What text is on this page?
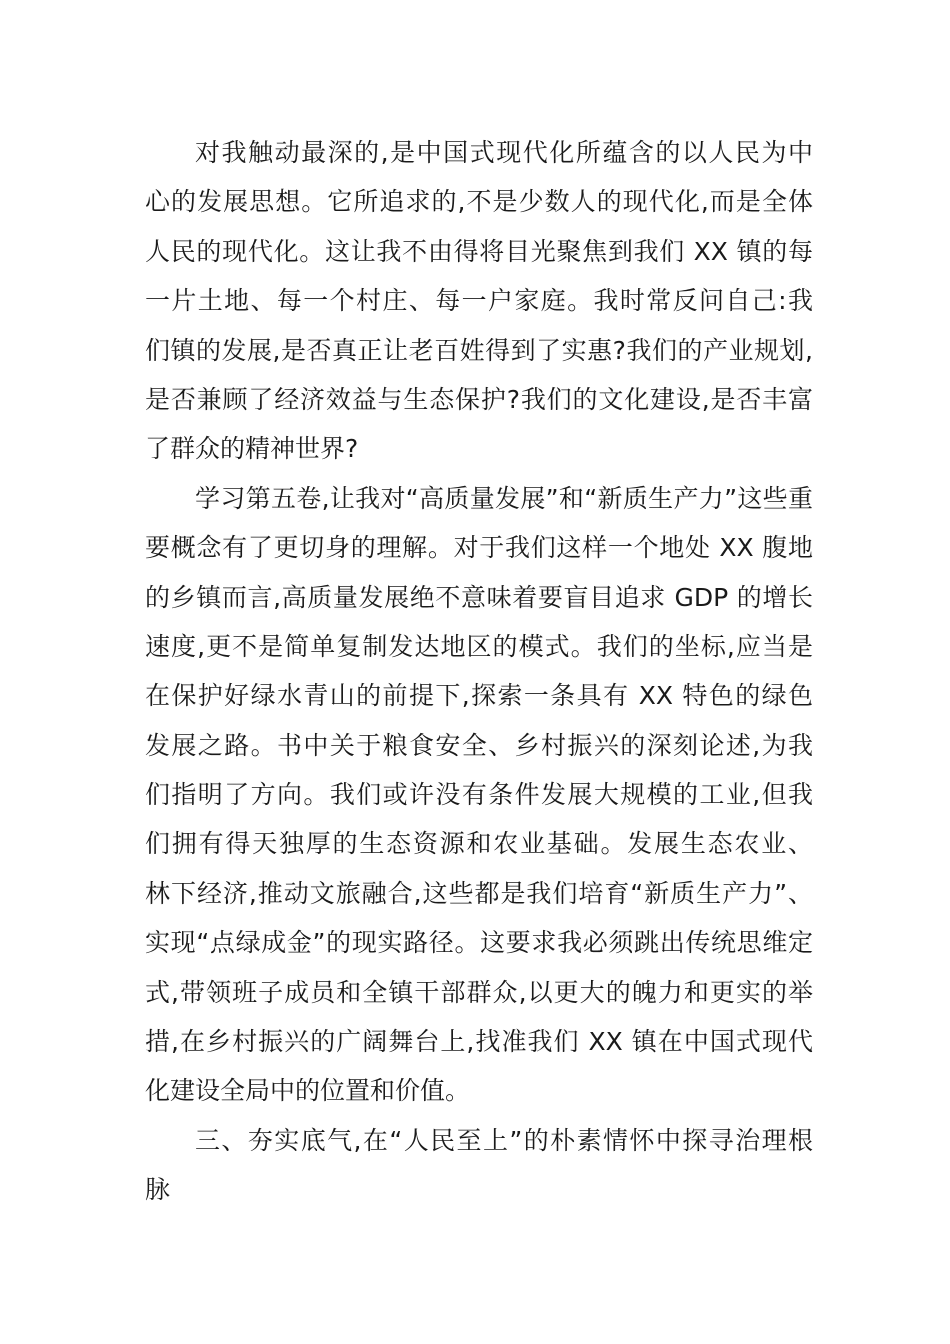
对我触动最深的,是中国式现代化所蕴含的以人民为中
心的发展思想。它所追求的,不是少数人的现代化,而是全体
人民的现代化。这让我不由得将目光聚焦到我们 XX 镇的每
一片土地、每一个村庄、每一户家庭。我时常反问自己:我
们镇的发展,是否真正让老百姓得到了实惠?我们的产业规划,
是否兼顾了经济效益与生态保护?我们的文化建设,是否丰富
了群众的精神世界?
学习第五卷,让我对“高质量发展”和“新质生产力”这些重
要概念有了更切身的理解。对于我们这样一个地处 XX 腹地
的乡镇而言,高质量发展绝不意味着要盲目追求 GDP 的增长
速度,更不是简单复制发达地区的模式。我们的坐标,应当是
在保护好绿水青山的前提下,探索一条具有 XX 特色的绿色
发展之路。书中关于粮食安全、乡村振兴的深刻论述,为我
们指明了方向。我们或许没有条件发展大规模的工业,但我
们拥有得天独厚的生态资源和农业基础。发展生态农业、
林下经济,推动文旅融合,这些都是我们培育“新质生产力”、
实现“点绿成金”的现实路径。这要求我必须跳出传统思维定
式,带领班子成员和全镇干部群众,以更大的魄力和更实的举
措,在乡村振兴的广阔舞台上,找准我们 XX 镇在中国式现代
化建设全局中的位置和价值。
三、夯实底气,在“人民至上”的朴素情怀中探寻治理根
脉
